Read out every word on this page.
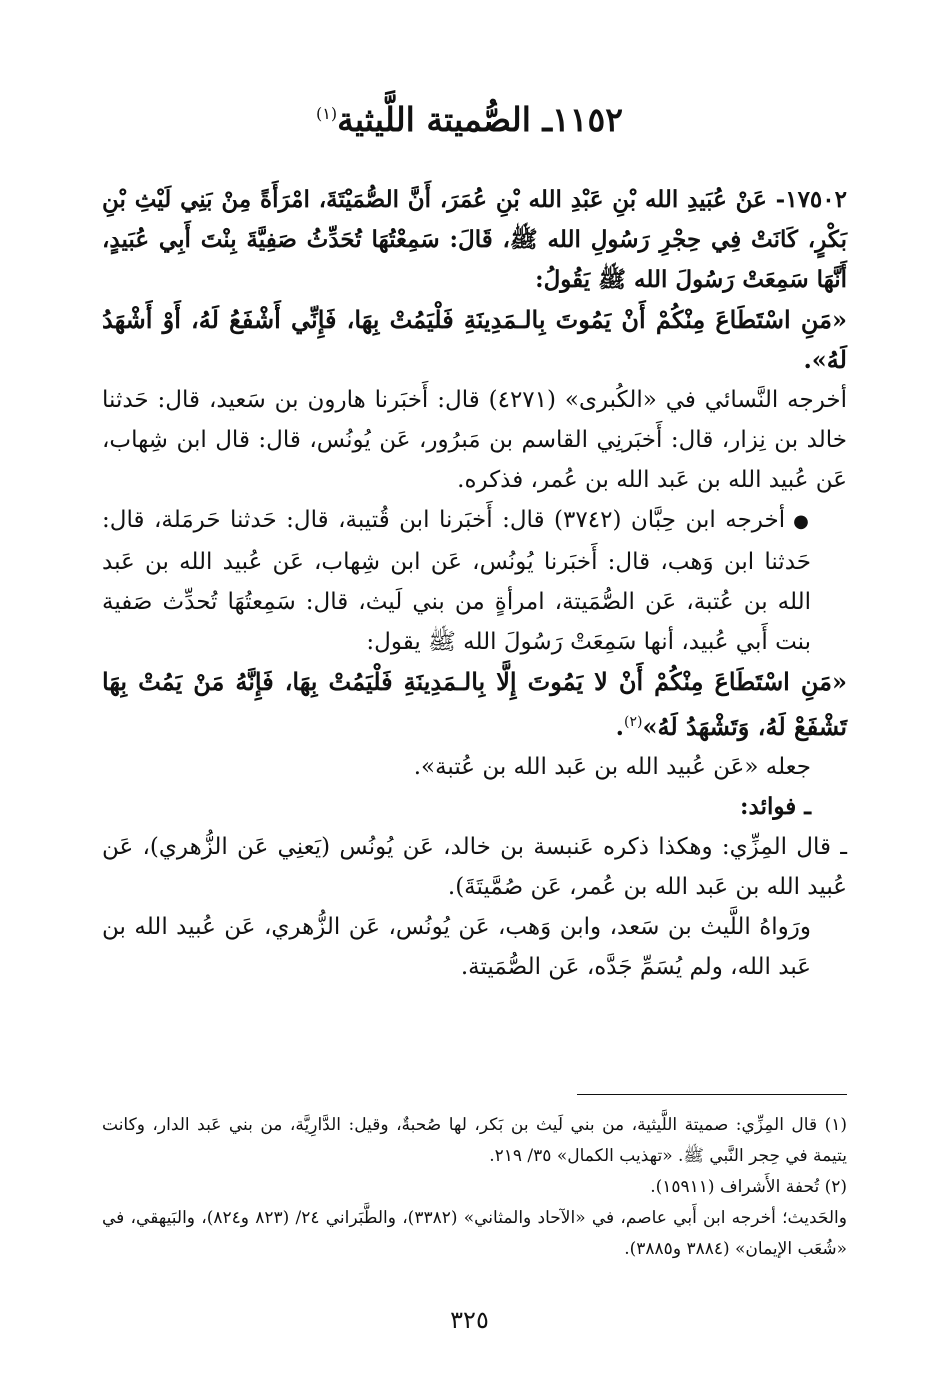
١١٥٢ـ الصُّميتة اللَّيثية$^{(١)}$

١٧٥٠٢- عَنْ عُبَيدِ الله بْنِ عَبْدِ الله بْنِ عُمَرَ، أَنَّ الصُّمَيْتَةَ، امْرَأَةً مِنْ بَنِي لَيْثِ بْنِ بَكْرٍ، كَانَتْ فِي حِجْرِ رَسُولِ الله ﷺ، قَالَ: سَمِعْتُهَا تُحَدِّثُ صَفِيَّةَ بِنْتَ أَبِي عُبَيدٍ، أَنَّهَا سَمِعَتْ رَسُولَ الله ﷺ يَقُولُ:

«مَنِ اسْتَطَاعَ مِنْكُمْ أَنْ يَمُوتَ بِالـمَدِينَةِ فَلْيَمُتْ بِهَا، فَإِنِّي أَشْفَعُ لَهُ، أَوْ أَشْهَدُ لَهُ».

أخرجه النَّسائي في «الكُبرى» (٤٢٧١) قال: أَخبَرنا هارون بن سَعيد، قال: حَدثنا خالد بن نِزار، قال: أَخبَرنِي القاسم بن مَبرُور، عَن يُونُس، قال: قال ابن شِهاب، عَن عُبيد الله بن عَبد الله بن عُمر، فذكره.

●أخرجه ابن حِبَّان (٣٧٤٢) قال: أَخبَرنا ابن قُتيبة، قال: حَدثنا حَرمَلة، قال: حَدثنا ابن وَهب، قال: أَخبَرنا يُونُس، عَن ابن شِهاب، عَن عُبيد الله بن عَبد الله بن عُتبة، عَن الصُّمَيتة، امرأةٍ من بني لَيث، قال: سَمِعتُهَا تُحدِّث صَفية بنت أَبي عُبيد، أنها سَمِعَتْ رَسُولَ الله ﷺ يقول:

«مَنِ اسْتَطَاعَ مِنْكُمْ أَنْ لا يَمُوتَ إِلَّا بِالـمَدِينَةِ فَلْيَمُتْ بِهَا، فَإِنَّهُ مَنْ يَمُتْ بِهَا تَشْفَعْ لَهُ، وَتَشْهَدُ لَهُ»$^{(٢)}$.

جعله «عَن عُبيد الله بن عَبد الله بن عُتبة».

ـ فوائد:

ـ قال المِزِّي: وهكذا ذكره عَنبسة بن خالد، عَن يُونُس (يَعنِي عَن الزُّهري)، عَن عُبيد الله بن عَبد الله بن عُمر، عَن صُمَّيتَةَ).

ورَواهُ اللَّيث بن سَعد، وابن وَهب، عَن يُونُس، عَن الزُّهري، عَن عُبيد الله بن عَبد الله، ولم يُسَمِّ جَدَّه، عَن الصُّمَيتة.

(١) قال المِزِّي: صميتة اللَّيثية، من بني لَيث بن بَكر، لها صُحبةٌ، وقيل: الدَّارِيَّة، من بني عَبد الدار، وكانت يتيمة في حِجر النَّبي ﷺ. «تهذيب الكمال» ٣٥/ ٢١٩.

(٢) تُحفة الأَشراف (١٥٩١١).

والحَديث؛ أخرجه ابن أَبي عاصم، في «الآحاد والمثاني» (٣٣٨٢)، والطَّبَراني ٢٤/ (٨٢٣ و٨٢٤)، والبَيهقي، في «شُعَب الإيمان» (٣٨٨٤ و٣٨٨٥).

٣٢٥
